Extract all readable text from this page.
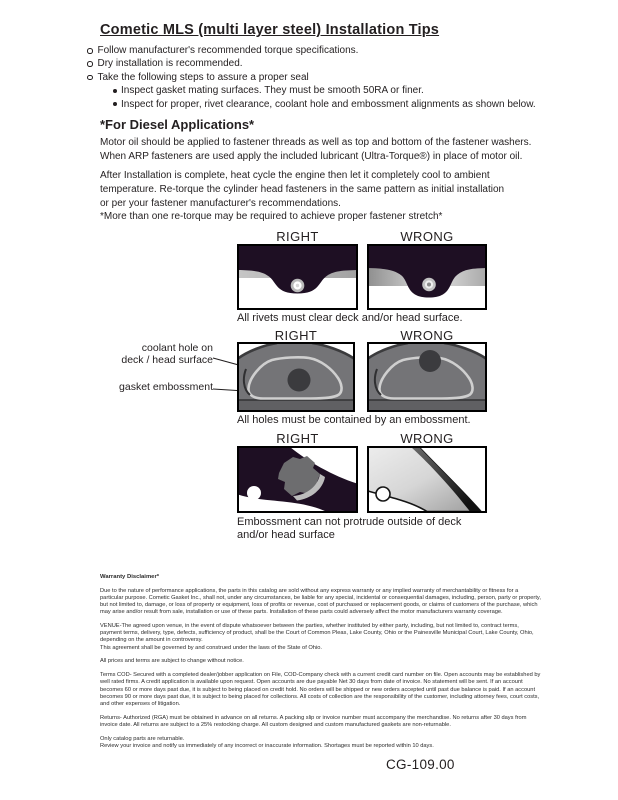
Cometic MLS (multi layer steel) Installation Tips
Follow manufacturer's recommended torque specifications.
Dry installation is recommended.
Take the following steps to assure a proper seal
Inspect gasket mating surfaces. They must be smooth 50RA or finer.
Inspect for proper, rivet clearance, coolant hole and embossment alignments as shown below.
*For Diesel Applications*
Motor oil should be applied to fastener threads as well as top and bottom of the fastener washers.
When ARP fasteners are used apply the included lubricant (Ultra-Torque®) in place of motor oil.
After Installation is complete, heat cycle the engine then let it completely cool to ambient
temperature. Re-torque the cylinder head fasteners in the same pattern as initial installation
or per your fastener manufacturer's recommendations.
*More than one re-torque may be required to achieve proper fastener stretch*
RIGHT	WRONG
All rivets must clear deck and/or head surface.
RIGHT	WRONG
coolant hole on
deck / head surface
gasket embossment
All holes must be contained by an embossment.
RIGHT	WRONG
Embossment can not protrude outside of deck
and/or head surface
Warranty Disclaimer*

Due to the nature of performance applications, the parts in this catalog are sold without any express warranty or any implied warranty of merchantability or fitness for a particular purpose. Cometic Gasket Inc., shall not, under any circumstances, be liable for any special, incidental or consequential damages, including, person, party or property, but not limited to, damage, or loss of property or equipment, loss of profits or revenue, cost of purchased or replacement goods, or claims of customers of the purchase, which may arise and/or result from sale, installation or use of these parts. Installation of these parts could adversely affect the motor manufacturers warranty coverage.

VENUE-The agreed upon venue, in the event of dispute whatsoever between the parties, whether instituted by either party, including, but not limited to, contract terms, payment terms, delivery, type, defects, sufficiency of product, shall be the Court of Common Pleas, Lake County, Ohio or the Painesville Municipal Court, Lake County, Ohio, depending on the amount in controversy.
This agreement shall be governed by and construed under the laws of the State of Ohio.

All prices and terms are subject to change without notice.

Terms COD- Secured with a completed dealer/jobber application on File, COD-Company check with a current credit card number on file. Open accounts may be established by well rated firms. A credit application is available upon request. Open accounts are due payable Net 30 days from date of invoice. No statement will be sent. If an account becomes 60 or more days past due, it is subject to being placed on credit hold. No orders will be shipped or new orders accepted until past due balance is paid. If an account becomes 90 or more days past due, it is subject to being placed for collections. All costs of collection are the responsibility of the customer, including attorney fees, court costs, and other expenses of litigation.

Returns- Authorized (RGA) must be obtained in advance on all returns. A packing slip or invoice number must accompany the merchandise. No returns after 30 days from invoice date. All returns are subject to a 25% restocking charge. All custom designed and custom manufactured gaskets are non-returnable.

Only catalog parts are returnable.
Review your invoice and notify us immediately of any incorrect or inaccurate information. Shortages must be reported within 10 days.
CG-109.00
